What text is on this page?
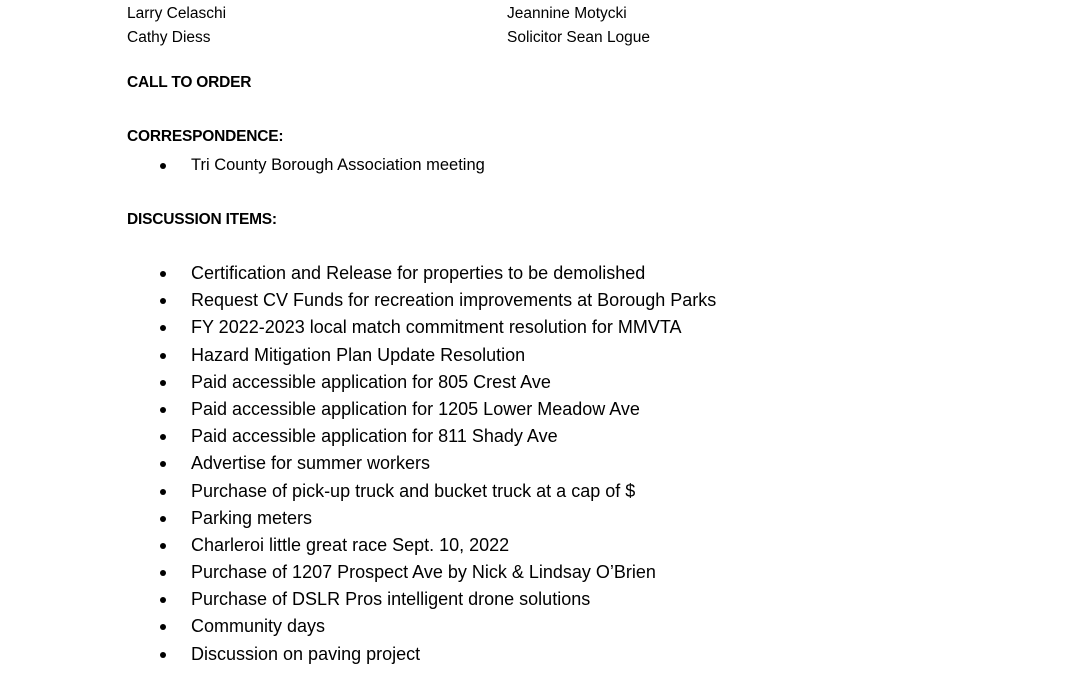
Larry Celaschi	Jeannine Motycki
Cathy Diess	Solicitor Sean Logue
CALL TO ORDER
CORRESPONDENCE:
Tri County Borough Association meeting
DISCUSSION ITEMS:
Certification and Release for properties to be demolished
Request CV Funds for recreation improvements at Borough Parks
FY 2022-2023 local match commitment resolution for MMVTA
Hazard Mitigation Plan Update Resolution
Paid accessible application for 805 Crest Ave
Paid accessible application for 1205 Lower Meadow Ave
Paid accessible application for 811 Shady Ave
Advertise for summer workers
Purchase of pick-up truck and bucket truck at a cap of $
Parking meters
Charleroi little great race Sept. 10, 2022
Purchase of 1207 Prospect Ave by Nick & Lindsay O’Brien
Purchase of DSLR Pros intelligent drone solutions
Community days
Discussion on paving project
